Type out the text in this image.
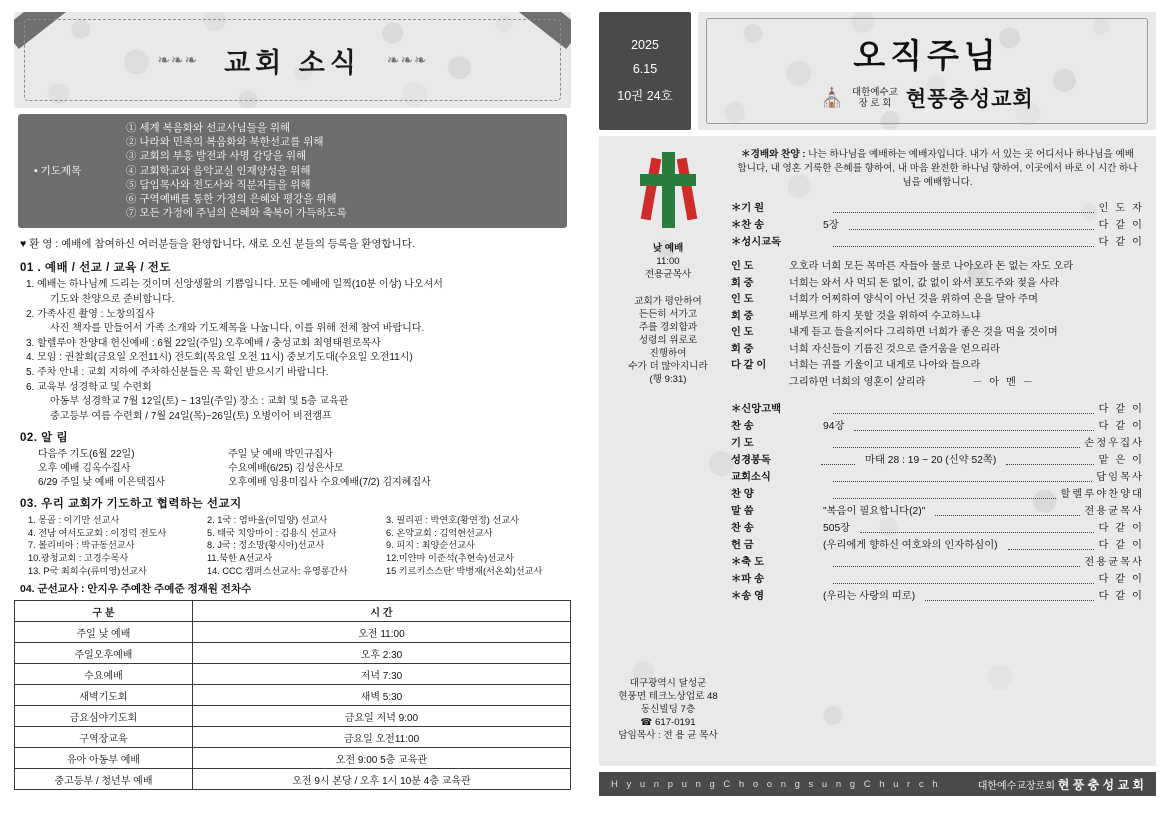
❧❧❧ 교회 소식 ❧❧❧
• 기도제목
① 세계 복음화와 선교사님들을 위해
② 나라와 민족의 복음화와 북한선교를 위해
③ 교회의 부흥 발전과 사명 감당을 위해
④ 교회학교와 음악교실 인재양성을 위해
⑤ 담임목사와 전도사와 직분자들을 위해
⑥ 구역예배를 통한 가정의 은혜와 평강을 위해
⑦ 모든 가정에 주님의 은혜와 축복이 가득하도록
♥ 환 영 : 예배에 참여하신 여러분들을 환영합니다, 새로 오신 분들의 등록을 환영합니다.
01 . 예배 / 선교 / 교육 / 전도
1. 예배는 하나님께 드리는 것이며 신앙생활의 기쁨입니다. 모든 예배에 일찍(10분 이상) 나오셔서
기도와 찬양으로 준비합니다.
2. 가족사진 촬영 : 노창의집사
사진 책자를 만들어서 가족 소개와 기도제목을 나눕니다, 이를 위해 전체 참여 바랍니다.
3. 할렐루야 찬양대 헌신예배 : 6월 22일(주일) 오후예배 / 충성교회 최영태원로목사
4. 모임 : 권찰회(금요일 오전11시) 전도회(목요일 오전 11시) 중보기도대(수요일 오전11시)
5. 주차 안내 : 교회 지하에 주차하신분들은 꼭 확인 받으시기 바랍니다.
6. 교육부 성경학교 및 수련회
아동부 성경학교 7월 12일(토) ~ 13일(주일) 장소 : 교회 및 5층 교육관
중고등부 여름 수련회 / 7월 24일(목)~26일(토) 오병이어 비전캠프
02. 알 림
다음주 기도(6월 22일)	주일 낮 예배 박민규집사
오후 예배 김옥수집사	수요예배(6/25) 김성은사모
6/29 주일 낮 예배 이은택집사	오후예배 임용미집사 수요예배(7/2) 김지혜집사
03. 우리 교회가 기도하고 협력하는 선교지
1. 몽골 : 이기만 선교사	2. 1국 : 엄바울(이밀양) 선교사	3. 필리핀 : 박연호(황연정) 선교사
4. 전남 여서도교회 : 이정덕 전도사	5. 태국 치앙마이 : 김용식 선교사	6. 온약교회 : 김억현선교사
7. 볼리비아 : 박규동선교사	8. J국 : 정소망(황시아)선교사	9. 피지 : 최양순선교사
10.광청교회 : 고경수목사	11.북한 A선교사	12.미얀마 이준석(추현숙)선교사
13. P국 최희수(류미영)선교사	14. CCC 캠퍼스선교사: 유영롱간사	15 키르키스스탄' 박병재(서온회)선교사
04. 군선교사 : 안지우 주예찬 주예준 정재원 전차수
구 분	시 간
주일 낮 예배	오전 11:00
주일오후예배	오후 2:30
수요예배	저녁 7:30
새벽기도회	새벽 5:30
금요심야기도회	금요일 저녁 9:00
구역장교육	금요일 오전11:00
유아 아동부 예배	오전 9:00 5층 교육관
중고등부 / 청년부 예배	오전 9시 본당 / 오후 1시 10분 4층 교육관
2025
6.15
10권 24호
오직주님
⛪ 대한예수교
장 로 회 현풍충성교회
낮 예배
11:00
전용균목사
교회가 평안하여
든든히 서가고
주를 경외함과
성령의 위로로
진행하여
수가 더 많아지니라
(행 9:31)
대구광역시 달성군
현풍면 테크노상업로 48
동신빌딩 7층
☎ 617-0191
담임목사 : 전 용 균 목사
＊경배와 찬양 : 나는 하나님을 예배하는 예배자입니다. 내가 서 있는 곳 어디서나 하나님을 예배합니다, 내 영혼 거룩한 은혜를 향하여, 내 마음 완전한 하나님 향하여, 이곳에서 바로 이 시간 하나님을 예배합니다.
＊기 원	인 도 자
＊찬 송	5장	다 같 이
＊성시교독	다 같 이
인 도	오호라 너희 모든 목마른 자들아 물로 나아오라 돈 없는 자도 오라
회 중	너희는 와서 사 먹되 돈 없이, 값 없이 와서 포도주와 젖을 사라
인 도	너희가 어찌하여 양식이 아닌 것을 위하여 은을 달아 주며
회 중	배부르게 하지 못할 것을 위하여 수고하느냐
인 도	내게 듣고 들을지어다 그리하면 너희가 좋은 것을 먹을 것이며
회 중	너희 자신들이 기름진 것으로 즐거움을 얻으리라
다 같 이	너희는 귀를 기울이고 내게로 나아와 들으라
그리하면 너희의 영혼이 살리라	－ 아 멘 －
＊신앙고백	다 같 이
찬 송	94장	다 같 이
기 도	손정우집사
성경봉독	마태 28 : 19 ~ 20 (신약 52쪽)	맡 은 이
교회소식	담임목사
찬 양	할렐루야찬양대
말 씀	"복음이 필요합니다(2)"	전용균목사
찬 송	505장	다 같 이
헌 금	(우리에게 향하신 여호와의 인자하심이)	다 같 이
＊축 도	전용균목사
＊파 송	다 같 이
＊송 영	(우리는 사랑의 띠로)	다 같 이
H y u n p u n g C h o o n g s u n g C h u r c h	대한예수교장로회 현 풍 충 성 교 회
